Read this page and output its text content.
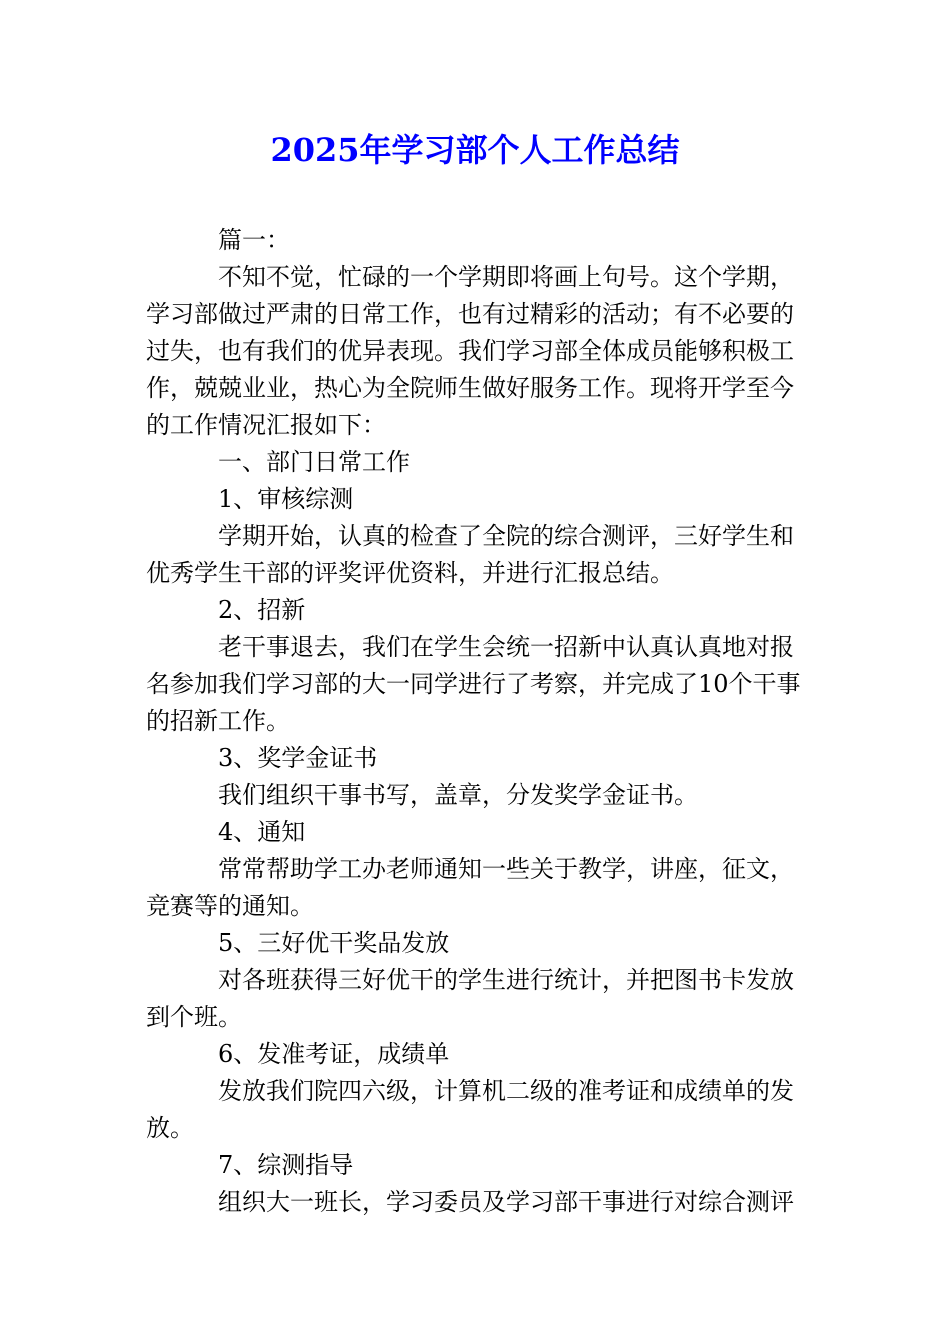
2025年学习部个人工作总结

篇一：

不知不觉，忙碌的一个学期即将画上句号。这个学期，学习部做过严肃的日常工作，也有过精彩的活动；有不必要的过失，也有我们的优异表现。我们学习部全体成员能够积极工作，兢兢业业，热心为全院师生做好服务工作。现将开学至今的工作情况汇报如下：

一、部门日常工作

1、审核综测

学期开始，认真的检查了全院的综合测评，三好学生和优秀学生干部的评奖评优资料，并进行汇报总结。

2、招新

老干事退去，我们在学生会统一招新中认真认真地对报名参加我们学习部的大一同学进行了考察，并完成了10个干事的招新工作。

3、奖学金证书

我们组织干事书写，盖章，分发奖学金证书。

4、通知

常常帮助学工办老师通知一些关于教学，讲座，征文，竞赛等的通知。

5、三好优干奖品发放

对各班获得三好优干的学生进行统计，并把图书卡发放到个班。

6、发准考证，成绩单

发放我们院四六级，计算机二级的准考证和成绩单的发放。

7、综测指导

组织大一班长，学习委员及学习部干事进行对综合测评
